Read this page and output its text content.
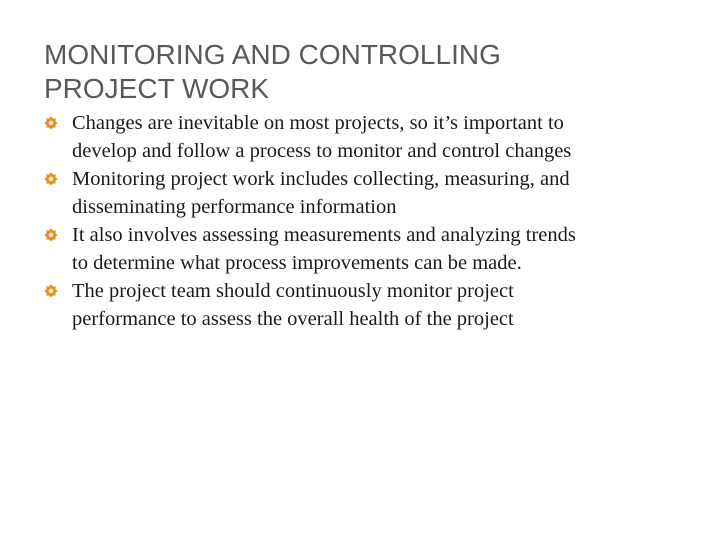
MONITORING AND CONTROLLING
PROJECT WORK
Changes are inevitable on most projects, so it’s important to
develop and follow a process to monitor and control changes
Monitoring project work includes collecting, measuring, and
disseminating performance information
It also involves assessing measurements and analyzing trends
to determine what process improvements can be made.
The project team should continuously monitor project
performance to assess the overall health of the project
